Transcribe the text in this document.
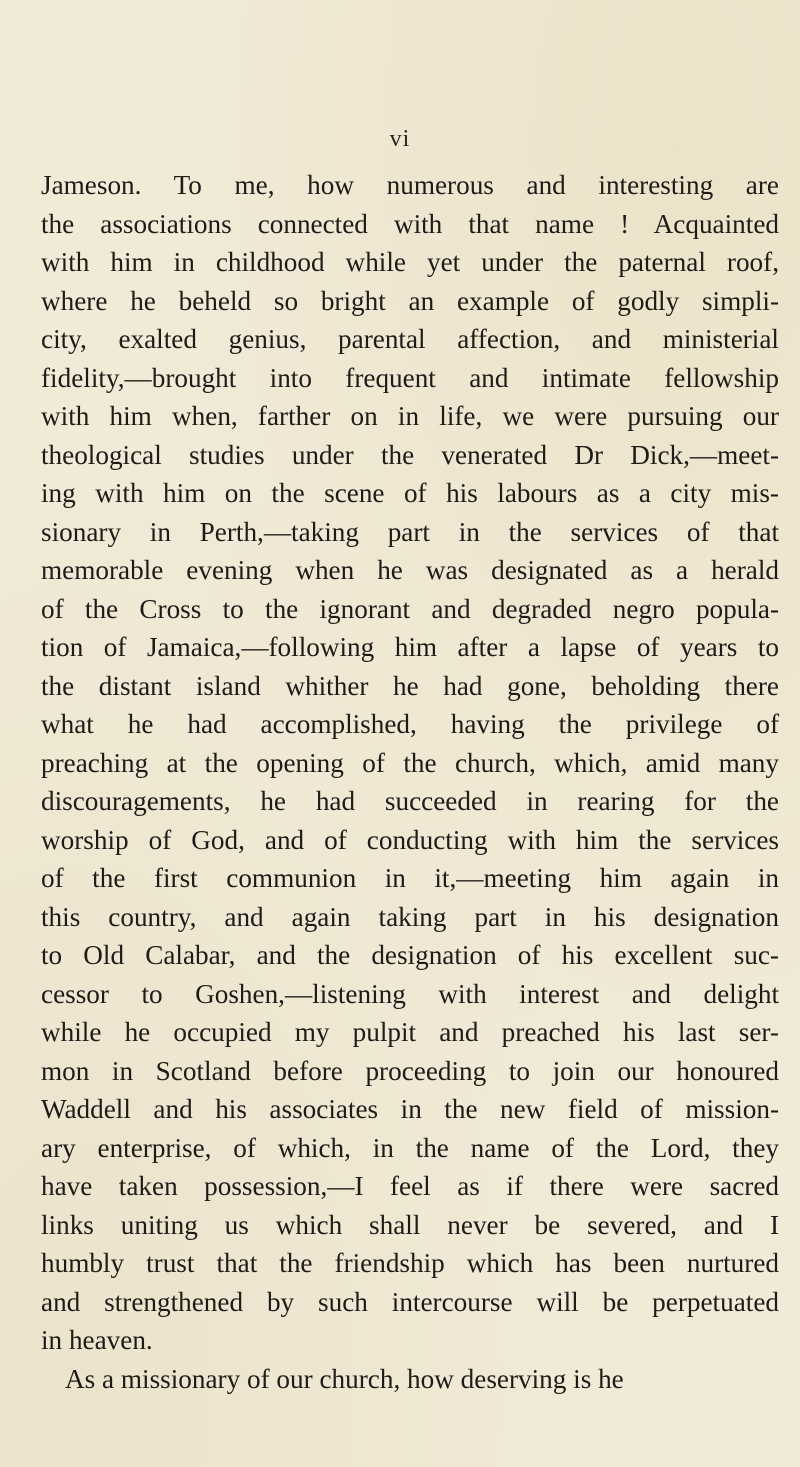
vi
Jameson. To me, how numerous and interesting are
the associations connected with that name ! Acquainted
with him in childhood while yet under the paternal roof,
where he beheld so bright an example of godly simpli-
city, exalted genius, parental affection, and ministerial
fidelity,—brought into frequent and intimate fellowship
with him when, farther on in life, we were pursuing our
theological studies under the venerated Dr Dick,—meet-
ing with him on the scene of his labours as a city mis-
sionary in Perth,—taking part in the services of that
memorable evening when he was designated as a herald
of the Cross to the ignorant and degraded negro popula-
tion of Jamaica,—following him after a lapse of years to
the distant island whither he had gone, beholding there
what he had accomplished, having the privilege of
preaching at the opening of the church, which, amid many
discouragements, he had succeeded in rearing for the
worship of God, and of conducting with him the services
of the first communion in it,—meeting him again in
this country, and again taking part in his designation
to Old Calabar, and the designation of his excellent suc-
cessor to Goshen,—listening with interest and delight
while he occupied my pulpit and preached his last ser-
mon in Scotland before proceeding to join our honoured
Waddell and his associates in the new field of mission-
ary enterprise, of which, in the name of the Lord, they
have taken possession,—I feel as if there were sacred
links uniting us which shall never be severed, and I
humbly trust that the friendship which has been nurtured
and strengthened by such intercourse will be perpetuated
in heaven.
As a missionary of our church, how deserving is he
